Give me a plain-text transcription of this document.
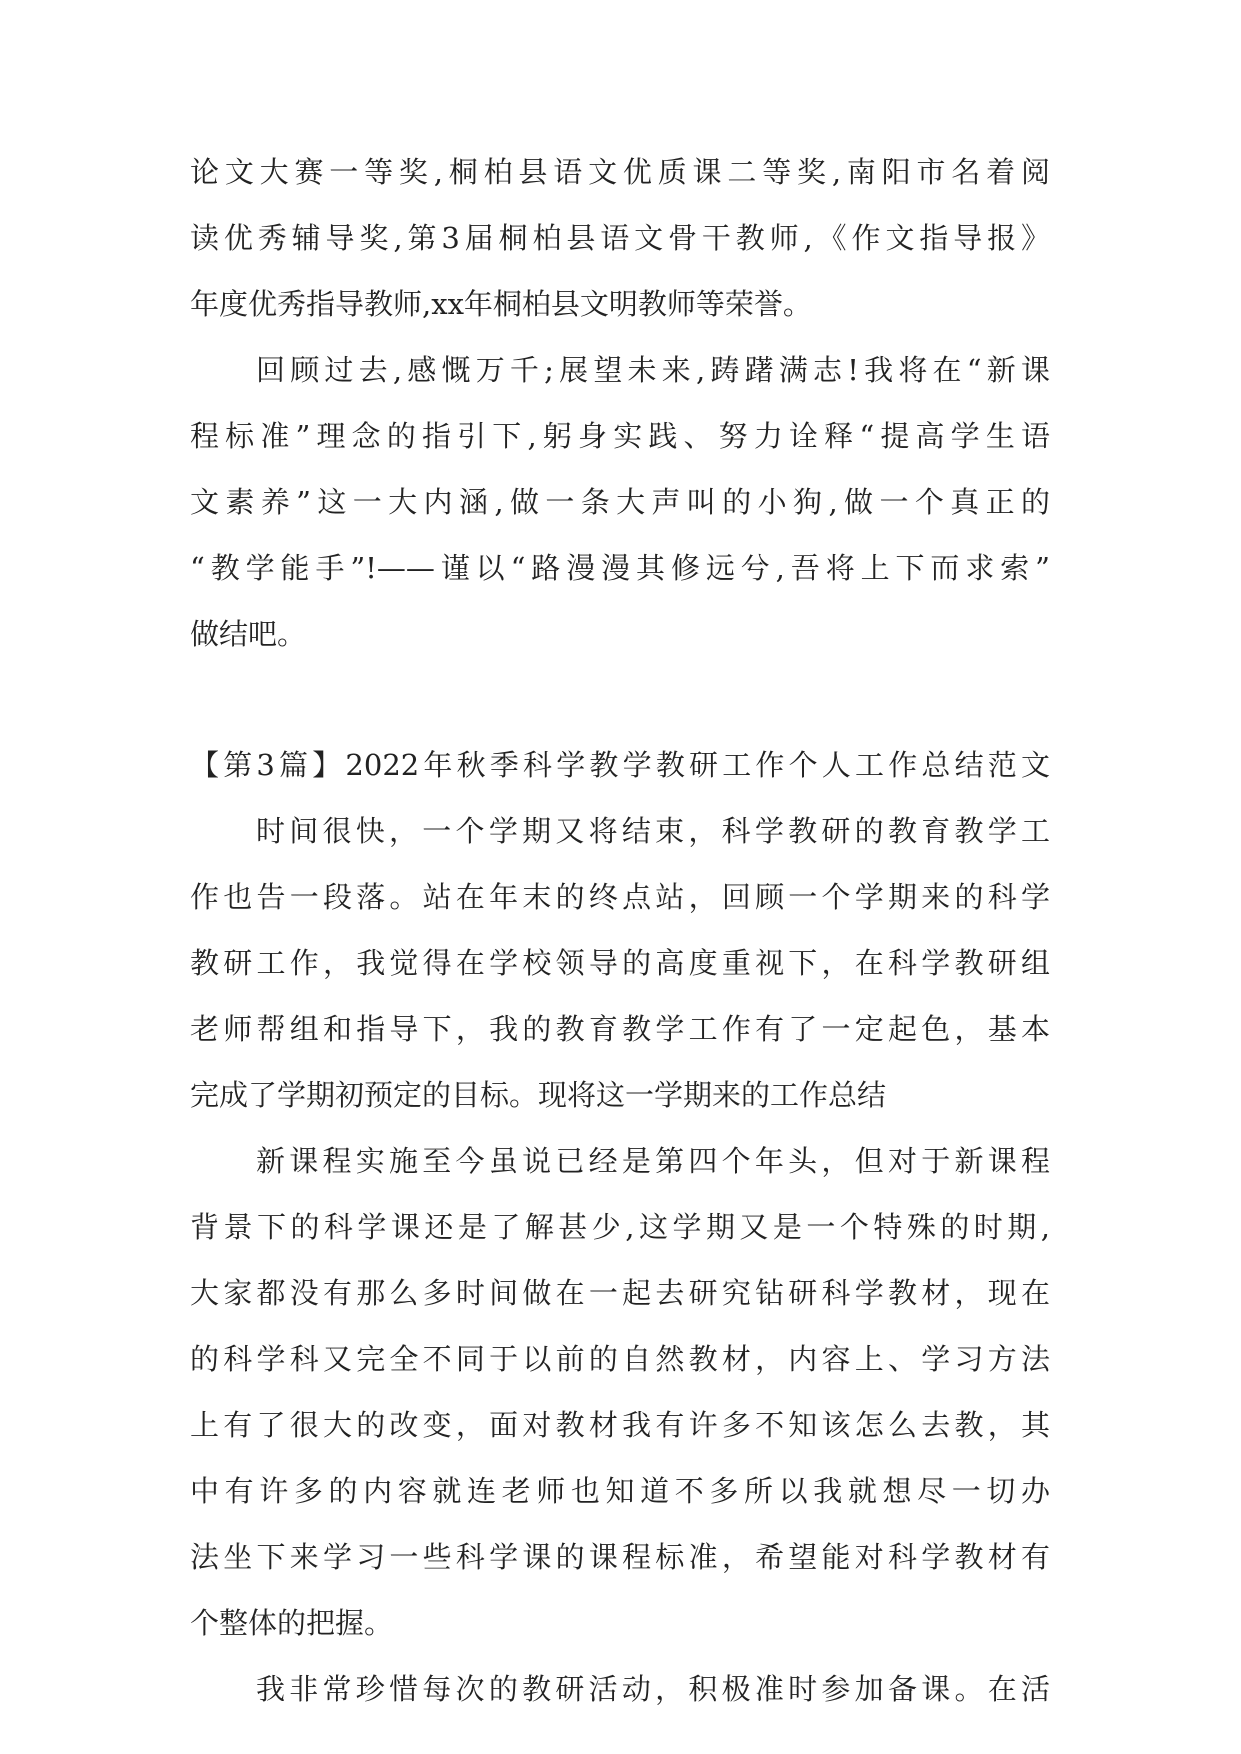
论文大赛一等奖,桐柏县语文优质课二等奖,南阳市名着阅
读优秀辅导奖,第3届桐柏县语文骨干教师,《作文指导报》
年度优秀指导教师,xx年桐柏县文明教师等荣誉。
回顾过去,感慨万千;展望未来,踌躇满志!我将在“新课
程标准”理念的指引下,躬身实践、努力诠释“提高学生语
文素养”这一大内涵,做一条大声叫的小狗,做一个真正的
“教学能手”!——谨以“路漫漫其修远兮,吾将上下而求索”
做结吧。
【第3篇】2022年秋季科学教学教研工作个人工作总结范文
时间很快，一个学期又将结束，科学教研的教育教学工
作也告一段落。站在年末的终点站，回顾一个学期来的科学
教研工作，我觉得在学校领导的高度重视下，在科学教研组
老师帮组和指导下，我的教育教学工作有了一定起色，基本
完成了学期初预定的目标。现将这一学期来的工作总结
新课程实施至今虽说已经是第四个年头，但对于新课程
背景下的科学课还是了解甚少,这学期又是一个特殊的时期,
大家都没有那么多时间做在一起去研究钻研科学教材，现在
的科学科又完全不同于以前的自然教材，内容上、学习方法
上有了很大的改变，面对教材我有许多不知该怎么去教，其
中有许多的内容就连老师也知道不多所以我就想尽一切办
法坐下来学习一些科学课的课程标准，希望能对科学教材有
个整体的把握。
我非常珍惜每次的教研活动，积极准时参加备课。在活
